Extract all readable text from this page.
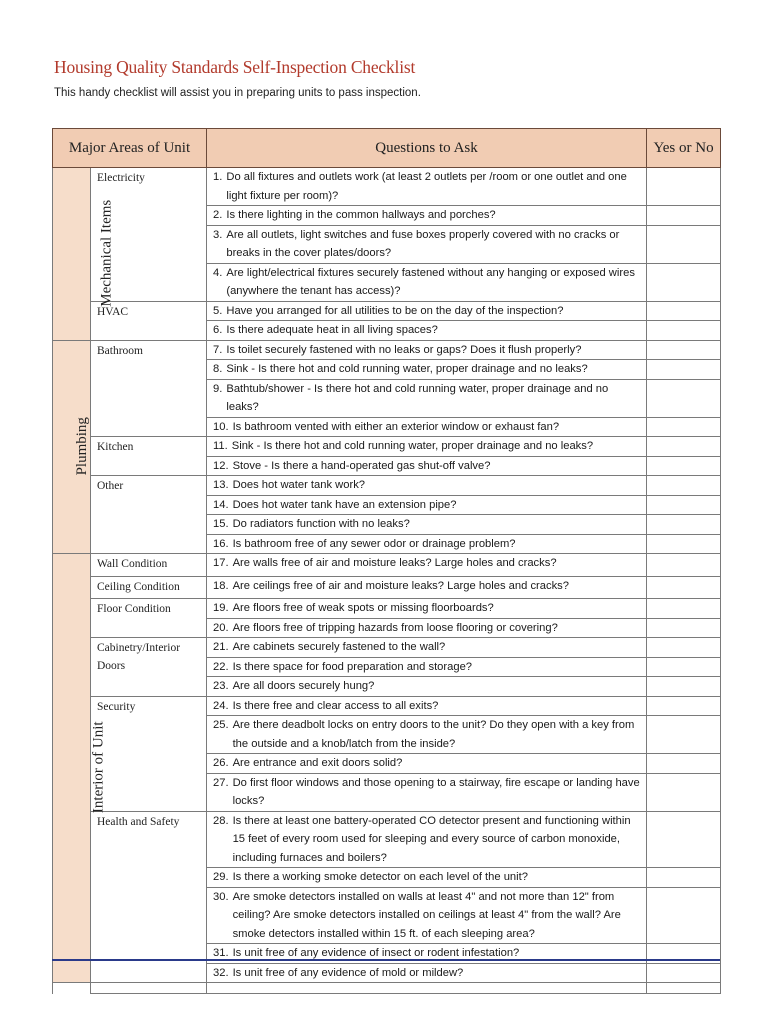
Housing Quality Standards Self-Inspection Checklist
This handy checklist will assist you in preparing units to pass inspection.
Major Areas of Unit		Questions to Ask	Yes or No
Mechanical Items	Electricity	1. Do all fixtures and outlets work (at least 2 outlets per /room or one outlet and one light fixture per room)?	

		2. Is there lighting in the common hallways and porches?	

		3. Are all outlets, light switches and fuse boxes properly covered with no cracks or breaks in the cover plates/doors?	

		4. Are light/electrical fixtures securely fastened without any hanging or exposed wires (anywhere the tenant has access)?	

	HVAC	5. Have you arranged for all utilities to be on the day of the inspection?	

		6. Is there adequate heat in all living spaces?	

Plumbing	Bathroom	7. Is toilet securely fastened with no leaks or gaps? Does it flush properly?	

		8. Sink - Is there hot and cold running water, proper drainage and no leaks?	

		9. Bathtub/shower - Is there hot and cold running water, proper drainage and no leaks?	

		10. Is bathroom vented with either an exterior window or exhaust fan?	

	Kitchen	11. Sink - Is there hot and cold running water, proper drainage and no leaks?	

		12. Stove - Is there a hand-operated gas shut-off valve?	

	Other	13. Does hot water tank work?	

		14. Does hot water tank have an extension pipe?	

		15. Do radiators function with no leaks?	

		16. Is bathroom free of any sewer odor or drainage problem?	

Interior of Unit	Wall Condition	17. Are walls free of air and moisture leaks? Large holes and cracks?	

	Ceiling Condition	18. Are ceilings free of air and moisture leaks? Large holes and cracks?	

	Floor Condition	19. Are floors free of weak spots or missing floorboards?	

		20. Are floors free of tripping hazards from loose flooring or covering?	

	Cabinetry/Interior Doors	21. Are cabinets securely fastened to the wall?	

		22. Is there space for food preparation and storage?	

		23. Are all doors securely hung?	

	Security	24. Is there free and clear access to all exits?	

		25. Are there deadbolt locks on entry doors to the unit? Do they open with a key from the outside and a knob/latch from the inside?	

		26. Are entrance and exit doors solid?	

		27. Do first floor windows and those opening to a stairway, fire escape or landing have locks?	

	Health and Safety	28. Is there at least one battery-operated CO detector present and functioning within 15 feet of every room used for sleeping and every source of carbon monoxide, including furnaces and boilers?	

		29. Is there a working smoke detector on each level of the unit?	

		30. Are smoke detectors installed on walls at least 4" and not more than 12" from ceiling? Are smoke detectors installed on ceilings at least 4" from the wall? Are smoke detectors installed within 15 ft. of each sleeping area?	

		31. Is unit free of any evidence of insect or rodent infestation?	

		32. Is unit free of any evidence of mold or mildew?	
